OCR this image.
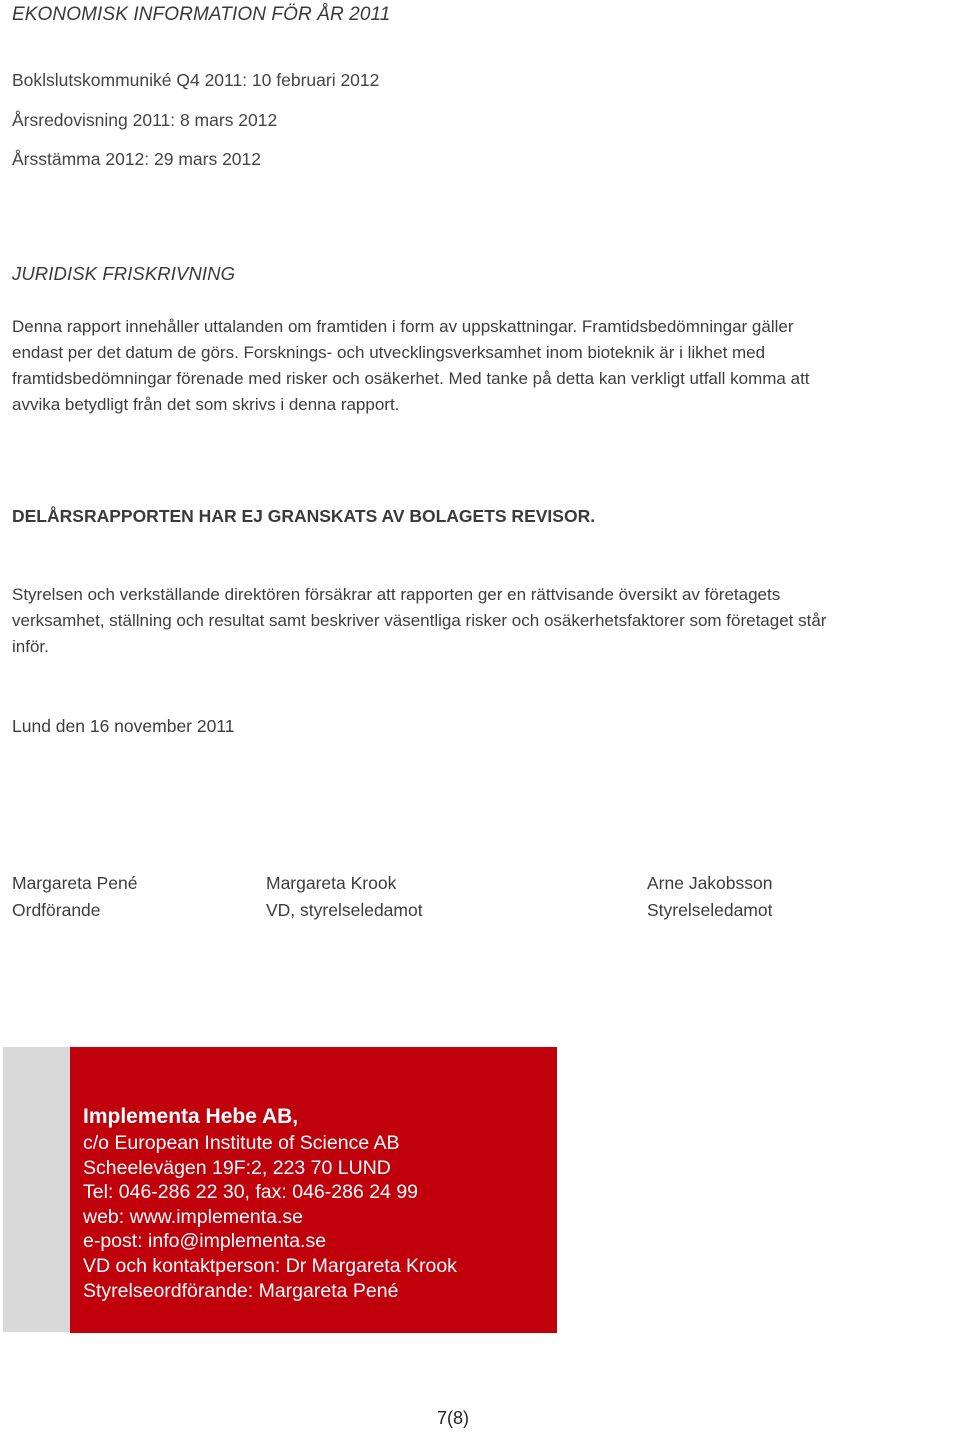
EKONOMISK INFORMATION FÖR ÅR 2011
Boklslutskommuniké Q4 2011: 10 februari 2012
Årsredovisning 2011: 8 mars 2012
Årsstämma 2012: 29 mars 2012
JURIDISK FRISKRIVNING
Denna rapport innehåller uttalanden om framtiden i form av uppskattningar. Framtidsbedömningar gäller
endast per det datum de görs. Forsknings- och utvecklingsverksamhet inom bioteknik är i likhet med
framtidsbedömningar förenade med risker och osäkerhet. Med tanke på detta kan verkligt utfall komma att
avvika betydligt från det som skrivs i denna rapport.
DELÅRSRAPPORTEN HAR EJ GRANSKATS AV BOLAGETS REVISOR.
Styrelsen och verkställande direktören försäkrar att rapporten ger en rättvisande översikt av företagets
verksamhet, ställning och resultat samt beskriver väsentliga risker och osäkerhetsfaktorer som företaget står
inför.
Lund den 16 november 2011
Margareta Pené
Ordförande
Margareta Krook
VD, styrelseledamot
Arne Jakobsson
Styrelseledamot
Implementa Hebe AB,
c/o European Institute of Science AB
Scheelevägen 19F:2, 223 70 LUND
Tel: 046-286 22 30, fax: 046-286 24 99
web: www.implementa.se
e-post: info@implementa.se
VD och kontaktperson: Dr Margareta Krook
Styrelseordförande: Margareta Pené
7(8)
